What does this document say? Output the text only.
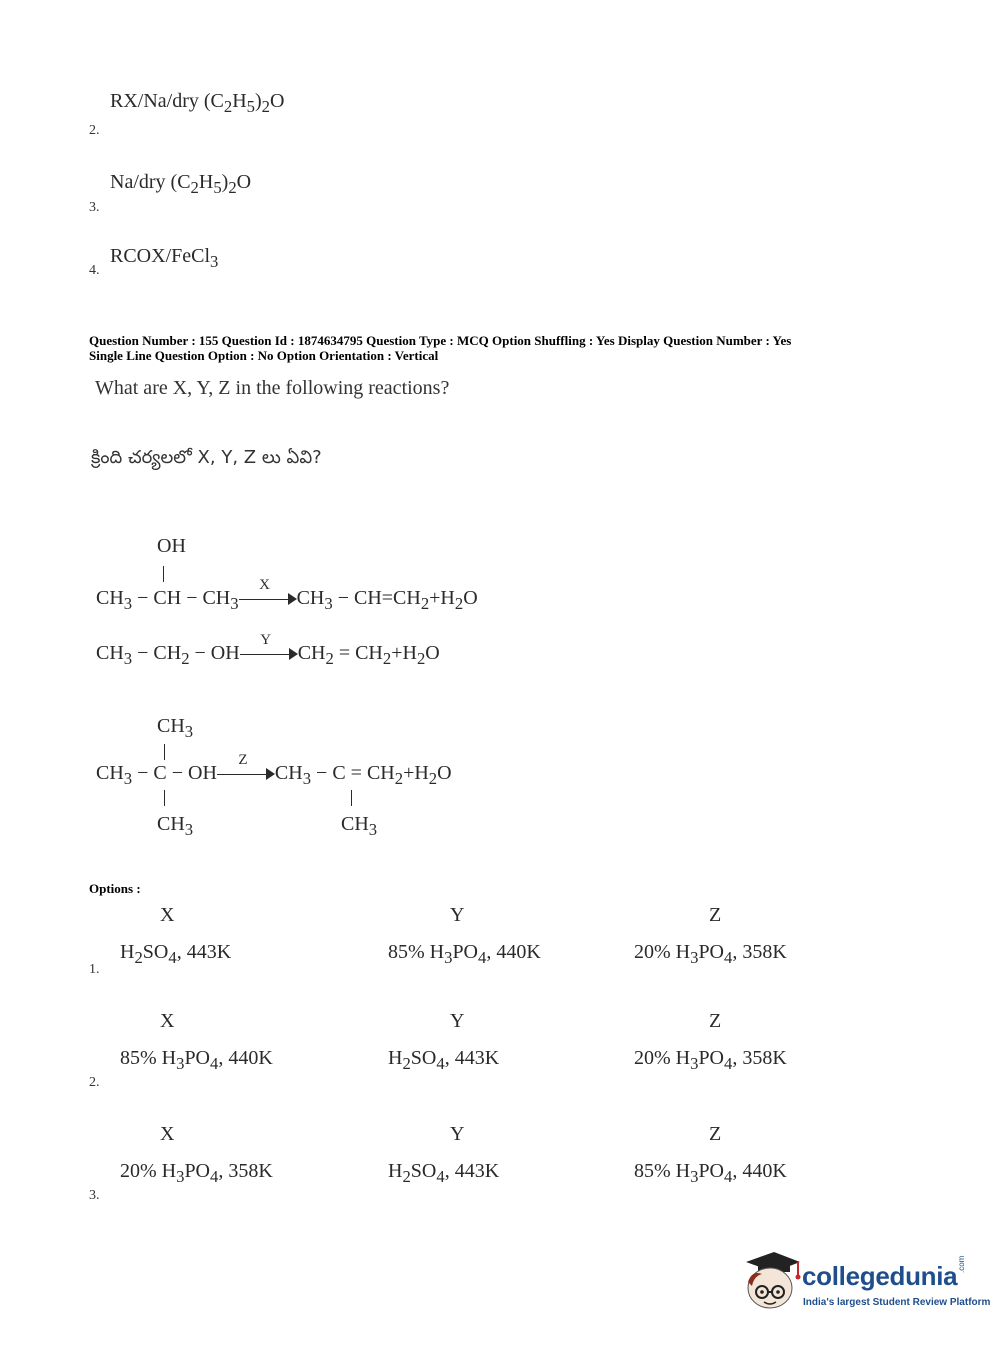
RX/Na/dry $(C_2H_5)_2O$
2.
Na/dry $(C_2H_5)_2O$
3.
RCOX/FeCl$_3$
4.
Question Number : 155 Question Id : 1874634795 Question Type : MCQ Option Shuffling : Yes Display Question Number : Yes
Single Line Question Option : No Option Orientation : Vertical
What are X, Y, Z in the following reactions?
క్రింది చర్యలలో X, Y, Z లు ఏవి?
OH
$CH_3$ − CH − $CH_3$
X
$CH_3 - CH=CH_2+H_2O$
$CH_3 - CH_2$ − OH
Y
$CH_2 = CH_2+H_2O$
$CH_3$
$CH_3 - C$ − OH
Z
$CH_3 - C = CH_2+H_2O$
$CH_3$	$CH_3$
Options :
X	Y	Z
$H_2SO_4$, 443K	85% $H_3PO_4$, 440K	20% $H_3PO_4$, 358K
1.
X	Y	Z
85% $H_3PO_4$, 440K	$H_2SO_4$, 443K	20% $H_3PO_4$, 358K
2.
X	Y	Z
20% $H_3PO_4$, 358K	$H_2SO_4$, 443K	85% $H_3PO_4$, 440K
3.
collegedunia .com
India's largest Student Review Platform
